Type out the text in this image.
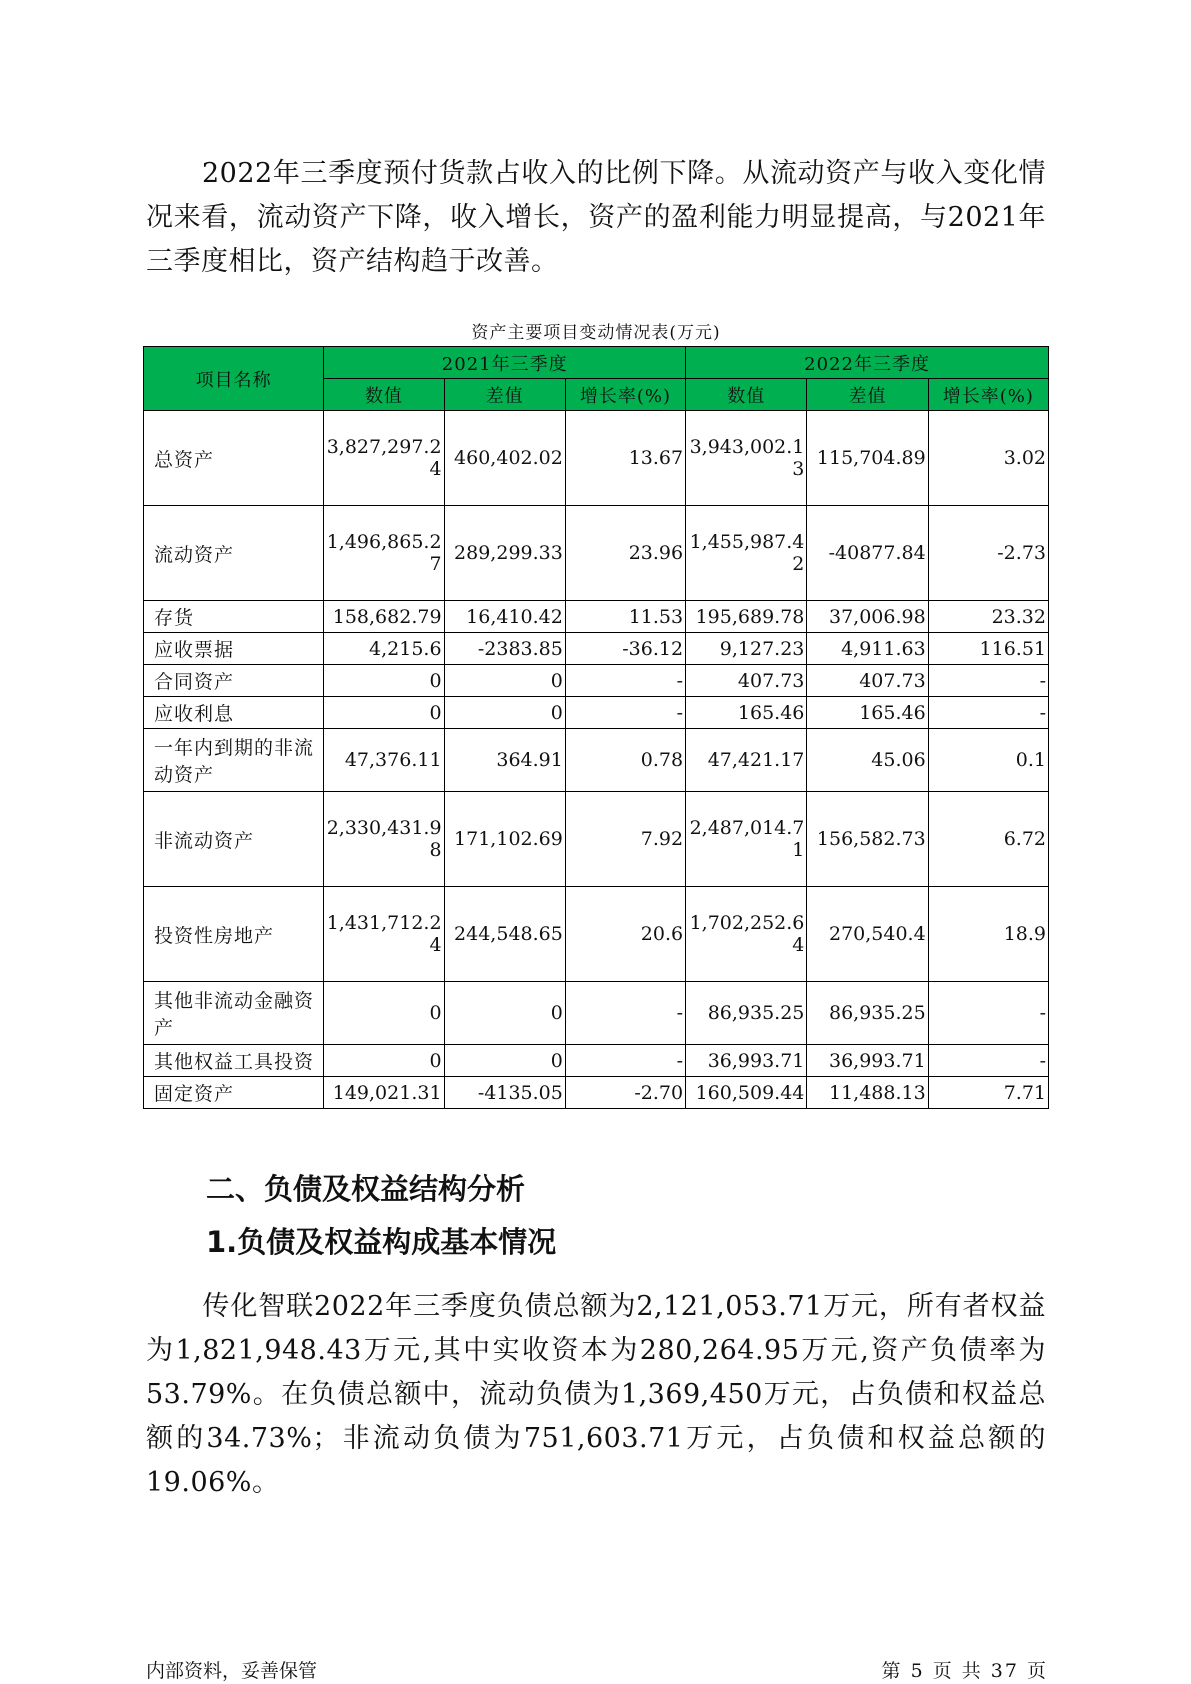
2022年三季度预付货款占收入的比例下降。从流动资产与收入变化情况来看，流动资产下降，收入增长，资产的盈利能力明显提高，与2021年三季度相比，资产结构趋于改善。

资产主要项目变动情况表(万元)
项目名称	2021年三季度			2022年三季度		
	数值	差值	增长率(%)	数值	差值	增长率(%)
总资产	3,827,297.24	460,402.02	13.67	3,943,002.13	115,704.89	3.02
流动资产	1,496,865.27	289,299.33	23.96	1,455,987.42	-40877.84	-2.73
存货	158,682.79	16,410.42	11.53	195,689.78	37,006.98	23.32
应收票据	4,215.6	-2383.85	-36.12	9,127.23	4,911.63	116.51
合同资产	0	0	-	407.73	407.73	-
应收利息	0	0	-	165.46	165.46	-
一年内到期的非流动资产	47,376.11	364.91	0.78	47,421.17	45.06	0.1
非流动资产	2,330,431.98	171,102.69	7.92	2,487,014.71	156,582.73	6.72
投资性房地产	1,431,712.24	244,548.65	20.6	1,702,252.64	270,540.4	18.9
其他非流动金融资产	0	0	-	86,935.25	86,935.25	-
其他权益工具投资	0	0	-	36,993.71	36,993.71	-
固定资产	149,021.31	-4135.05	-2.70	160,509.44	11,488.13	7.71
二、负债及权益结构分析
1.负债及权益构成基本情况

传化智联2022年三季度负债总额为2,121,053.71万元，所有者权益为1,821,948.43万元,其中实收资本为280,264.95万元,资产负债率为53.79%。在负债总额中，流动负债为1,369,450万元，占负债和权益总额的34.73%；非流动负债为751,603.71万元，占负债和权益总额的19.06%。

内部资料，妥善保管	第 5 页 共 37 页
